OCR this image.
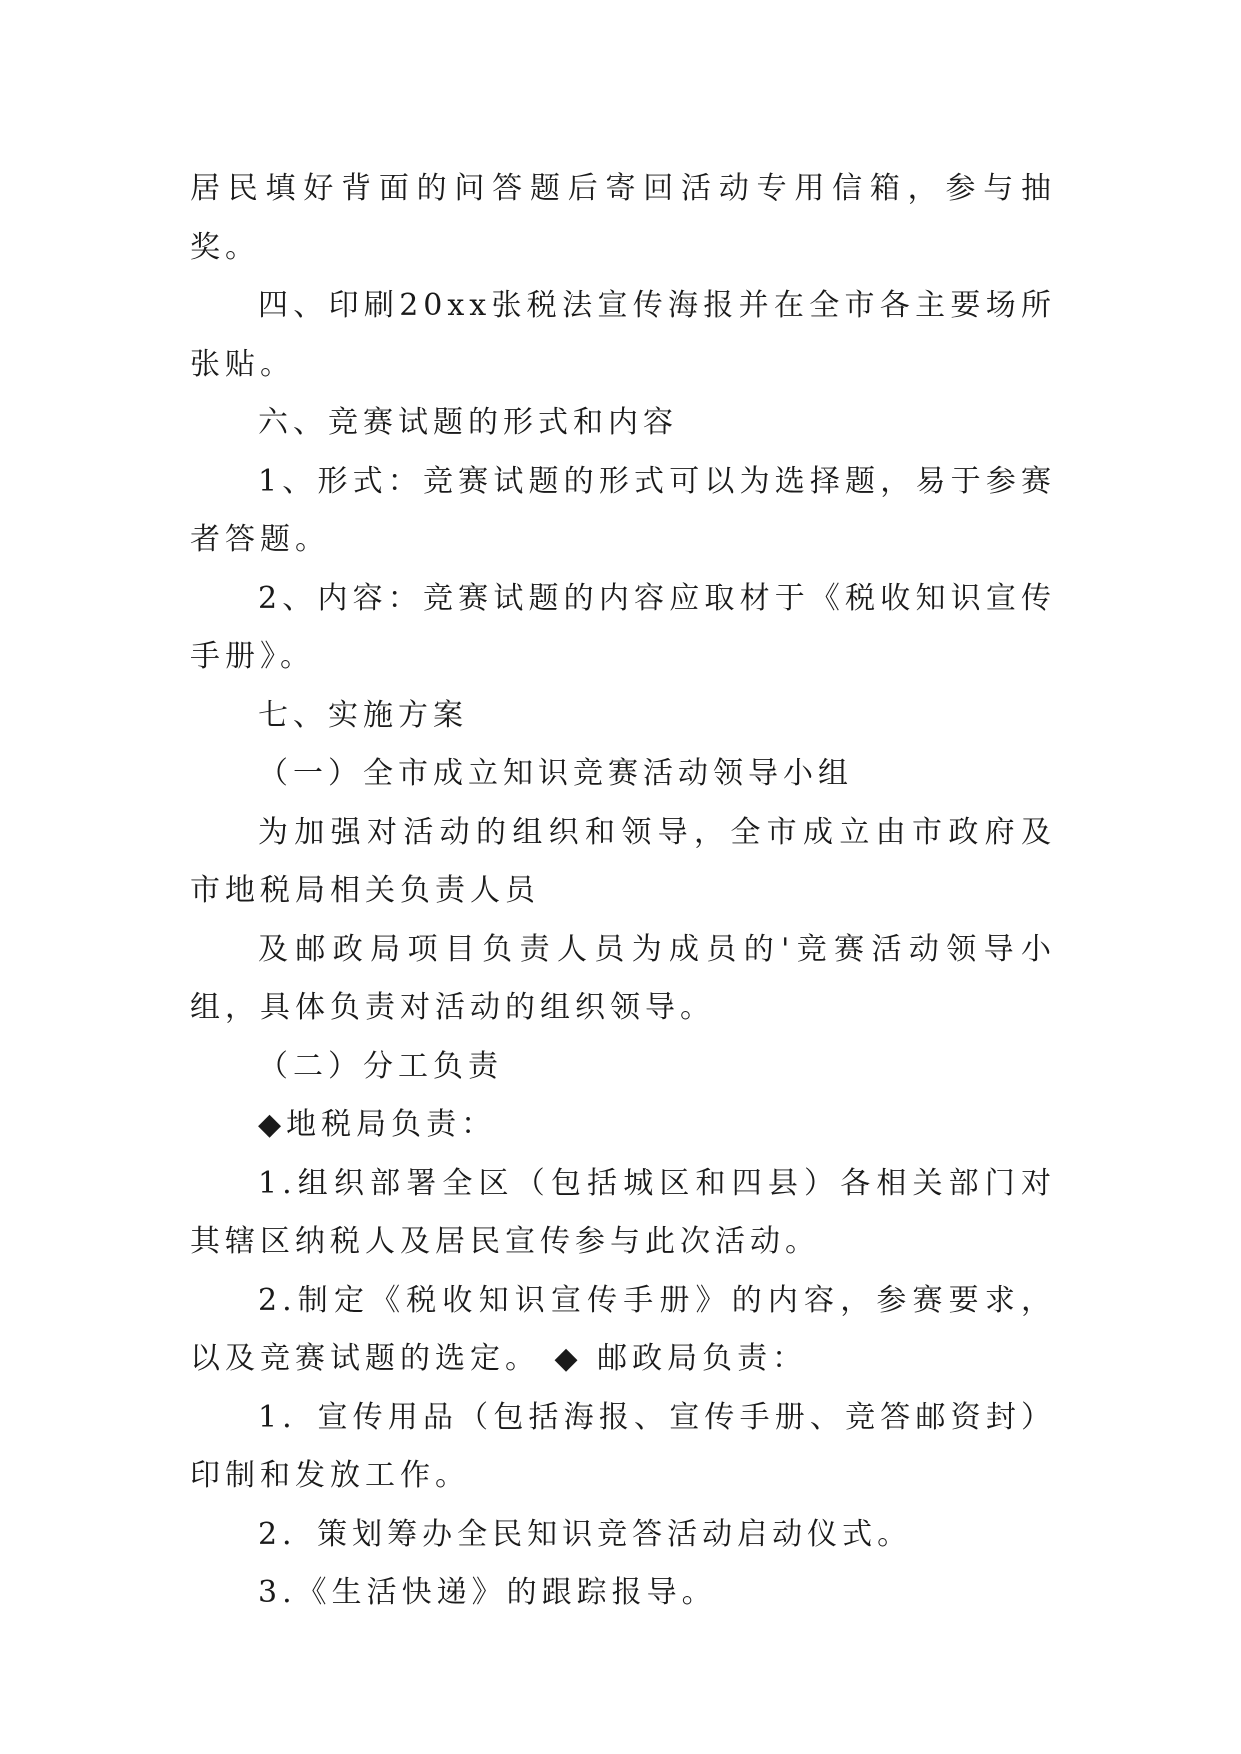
居民填好背面的问答题后寄回活动专用信箱，参与抽奖。

四、印刷20xx张税法宣传海报并在全市各主要场所张贴。

六、竞赛试题的形式和内容

1、形式：竞赛试题的形式可以为选择题，易于参赛者答题。

2、内容：竞赛试题的内容应取材于《税收知识宣传手册》。

七、实施方案

（一）全市成立知识竞赛活动领导小组

为加强对活动的组织和领导，全市成立由市政府及市地税局相关负责人员

及邮政局项目负责人员为成员的'竞赛活动领导小组，具体负责对活动的组织领导。

（二）分工负责

◆地税局负责：

1.组织部署全区（包括城区和四县）各相关部门对其辖区纳税人及居民宣传参与此次活动。

2.制定《税收知识宣传手册》的内容，参赛要求，以及竞赛试题的选定。 ◆ 邮政局负责：

1．宣传用品（包括海报、宣传手册、竞答邮资封）印制和发放工作。

2．策划筹办全民知识竞答活动启动仪式。

3.《生活快递》的跟踪报导。
